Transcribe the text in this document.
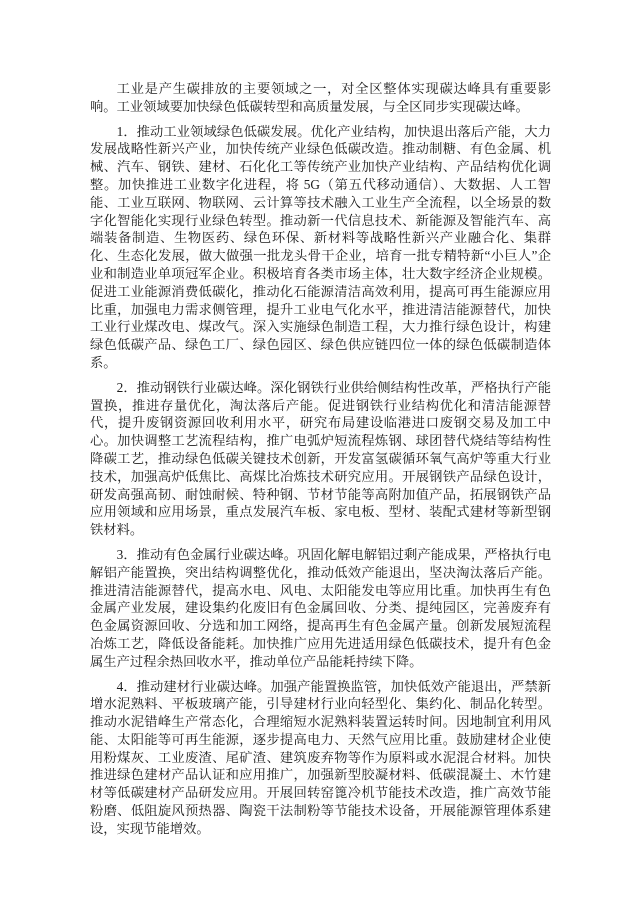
工业是产生碳排放的主要领域之一，对全区整体实现碳达峰具有重要影响。工业领域要加快绿色低碳转型和高质量发展，与全区同步实现碳达峰。

1．推动工业领域绿色低碳发展。优化产业结构，加快退出落后产能，大力发展战略性新兴产业，加快传统产业绿色低碳改造。推动制糖、有色金属、机械、汽车、钢铁、建材、石化化工等传统产业加快产业结构、产品结构优化调整。加快推进工业数字化进程，将 5G（第五代移动通信）、大数据、人工智能、工业互联网、物联网、云计算等技术融入工业生产全流程，以全场景的数字化智能化实现行业绿色转型。推动新一代信息技术、新能源及智能汽车、高端装备制造、生物医药、绿色环保、新材料等战略性新兴产业融合化、集群化、生态化发展，做大做强一批龙头骨干企业，培育一批专精特新“小巨人”企业和制造业单项冠军企业。积极培育各类市场主体，壮大数字经济企业规模。促进工业能源消费低碳化，推动化石能源清洁高效利用，提高可再生能源应用比重，加强电力需求侧管理，提升工业电气化水平，推进清洁能源替代，加快工业行业煤改电、煤改气。深入实施绿色制造工程，大力推行绿色设计，构建绿色低碳产品、绿色工厂、绿色园区、绿色供应链四位一体的绿色低碳制造体系。

2．推动钢铁行业碳达峰。深化钢铁行业供给侧结构性改革，严格执行产能置换，推进存量优化，淘汰落后产能。促进钢铁行业结构优化和清洁能源替代，提升废钢资源回收利用水平，研究布局建设临港进口废钢交易及加工中心。加快调整工艺流程结构，推广电弧炉短流程炼钢、球团替代烧结等结构性降碳工艺，推动绿色低碳关键技术创新，开发富氢碳循环氧气高炉等重大行业技术，加强高炉低焦比、高煤比冶炼技术研究应用。开展钢铁产品绿色设计，研发高强高韧、耐蚀耐候、特种钢、节材节能等高附加值产品，拓展钢铁产品应用领域和应用场景，重点发展汽车板、家电板、型材、装配式建材等新型钢铁材料。

3．推动有色金属行业碳达峰。巩固化解电解铝过剩产能成果，严格执行电解铝产能置换，突出结构调整优化，推动低效产能退出，坚决淘汰落后产能。推进清洁能源替代，提高水电、风电、太阳能发电等应用比重。加快再生有色金属产业发展，建设集约化废旧有色金属回收、分类、提纯园区，完善废弃有色金属资源回收、分选和加工网络，提高再生有色金属产量。创新发展短流程冶炼工艺，降低设备能耗。加快推广应用先进适用绿色低碳技术，提升有色金属生产过程余热回收水平，推动单位产品能耗持续下降。

4．推动建材行业碳达峰。加强产能置换监管，加快低效产能退出，严禁新增水泥熟料、平板玻璃产能，引导建材行业向轻型化、集约化、制品化转型。推动水泥错峰生产常态化，合理缩短水泥熟料装置运转时间。因地制宜利用风能、太阳能等可再生能源，逐步提高电力、天然气应用比重。鼓励建材企业使用粉煤灰、工业废渣、尾矿渣、建筑废弃物等作为原料或水泥混合材料。加快推进绿色建材产品认证和应用推广，加强新型胶凝材料、低碳混凝土、木竹建材等低碳建材产品研发应用。开展回转窑篦冷机节能技术改造，推广高效节能粉磨、低阻旋风预热器、陶瓷干法制粉等节能技术设备，开展能源管理体系建设，实现节能增效。
